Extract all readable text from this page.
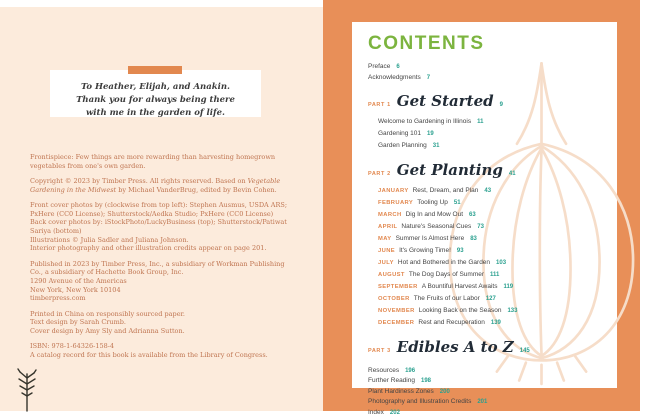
To Heather, Elijah, and Anakin. Thank you for always being there with me in the garden of life.

Frontispiece: Few things are more rewarding than harvesting homegrown vegetables from one's own garden.

Copyright © 2023 by Timber Press. All rights reserved. Based on Vegetable Gardening in the Midwest by Michael VanderBrug, edited by Bevin Cohen.

Front cover photos by (clockwise from top left): Stephen Ausmus, USDA ARS; PxHere (CC0 License); Shutterstock/Aedka Studio; PxHere (CC0 License)

Back cover photos by: iStockPhoto/LuckyBusiness (top); Shutterstock/Patiwat Sariya (bottom)

Illustrations © Julia Sadler and Juliana Johnson.

Interior photography and other illustration credits appear on page 201.

Published in 2023 by Timber Press, Inc., a subsidiary of Workman Publishing Co., a subsidiary of Hachette Book Group, Inc.

1290 Avenue of the Americas

New York, New York 10104

timberpress.com

Printed in China on responsibly sourced paper.

Text design by Sarah Crumb.

Cover design by Amy Sly and Adrianna Sutton.

ISBN: 978-1-64326-158-4

A catalog record for this book is available from the Library of Congress.

CONTENTS
Preface 6
Acknowledgments 7
PART 1 Get Started 9
Welcome to Gardening in Illinois 11
Gardening 101 19
Garden Planning 31
PART 2 Get Planting 41
JANUARY Rest, Dream, and Plan 43
FEBRUARY Tooling Up 51
MARCH Dig In and Mow Out 63
APRIL Nature's Seasonal Cues 73
MAY Summer Is Almost Here 83
JUNE It's Growing Time! 93
JULY Hot and Bothered in the Garden 103
AUGUST The Dog Days of Summer 111
SEPTEMBER A Bountiful Harvest Awaits 119
OCTOBER The Fruits of our Labor 127
NOVEMBER Looking Back on the Season 133
DECEMBER Rest and Recuperation 139
PART 3 Edibles A to Z 145
Resources 196
Further Reading 198
Plant Hardiness Zones 200
Photography and Illustration Credits 201
Index 202
